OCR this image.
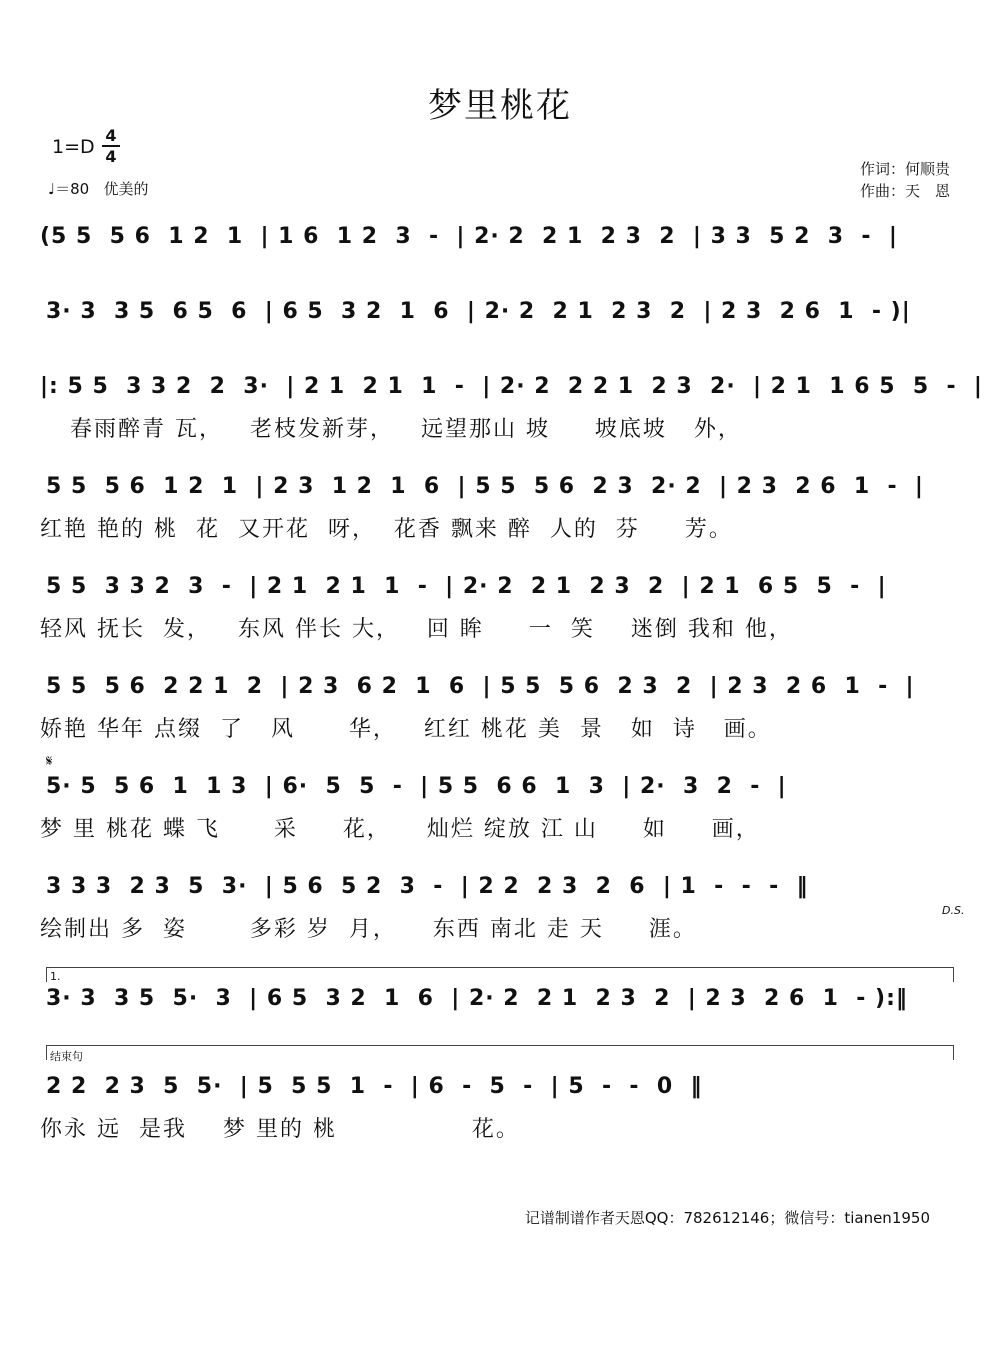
梦里桃花
1=D
4
4
♩＝80 优美的
作词：何顺贵
作曲：天　恩
(5 5  5 6  1 2  1  | 1 6  1 2  3  -  | 2· 2  2 1  2 3  2  | 3 3  5 2  3  -  |
3· 3  3 5  6 5  6  | 6 5  3 2  1  6  | 2· 2  2 1  2 3  2  | 2 3  2 6  1  - )|
|: 5 5  3 3 2  2  3·  | 2 1  2 1  1  -  | 2· 2  2 2 1  2 3  2·  | 2 1  1 6 5  5  -  |
春雨醉青 瓦，   老枝发新芽，   远望那山 坡     坡底坡   外，
5 5  5 6  1 2  1  | 2 3  1 2  1  6  | 5 5  5 6  2 3  2· 2  | 2 3  2 6  1  -  |
红艳 艳的 桃  花  又开花  呀，  花香 飘来 醉  人的  芬     芳。
5 5  3 3 2  3  -  | 2 1  2 1  1  -  | 2· 2  2 1  2 3  2  | 2 1  6 5  5  -  |
轻风 抚长  发，   东风 伴长 大，   回 眸     一  笑    迷倒 我和 他，
5 5  5 6  2 2 1  2  | 2 3  6 2  1  6  | 5 5  5 6  2 3  2  | 2 3  2 6  1  -  |
娇艳 华年 点缀  了   风      华，   红红 桃花 美  景   如  诗   画。
𝄋
5· 5  5 6  1  1 3  | 6·  5  5  -  | 5 5  6 6  1  3  | 2·  3  2  -  |
梦 里 桃花 蝶 飞      采     花，    灿烂 绽放 江 山     如     画，
3 3 3  2 3  5  3·  | 5 6  5 2  3  -  | 2 2  2 3  2  6  | 1  -  -  -  ‖
绘制出 多  姿       多彩 岁  月，    东西 南北 走 天     涯。
D.S.
1.
3· 3  3 5  5·  3  | 6 5  3 2  1  6  | 2· 2  2 1  2 3  2  | 2 3  2 6  1  - ):‖
结束句
2 2  2 3  5  5·  | 5  5 5  1  -  | 6  -  5  -  | 5  -  -  0  ‖
你永 远  是我    梦 里的 桃               花。
记谱制谱作者天恩QQ：782612146；微信号：tianen1950
